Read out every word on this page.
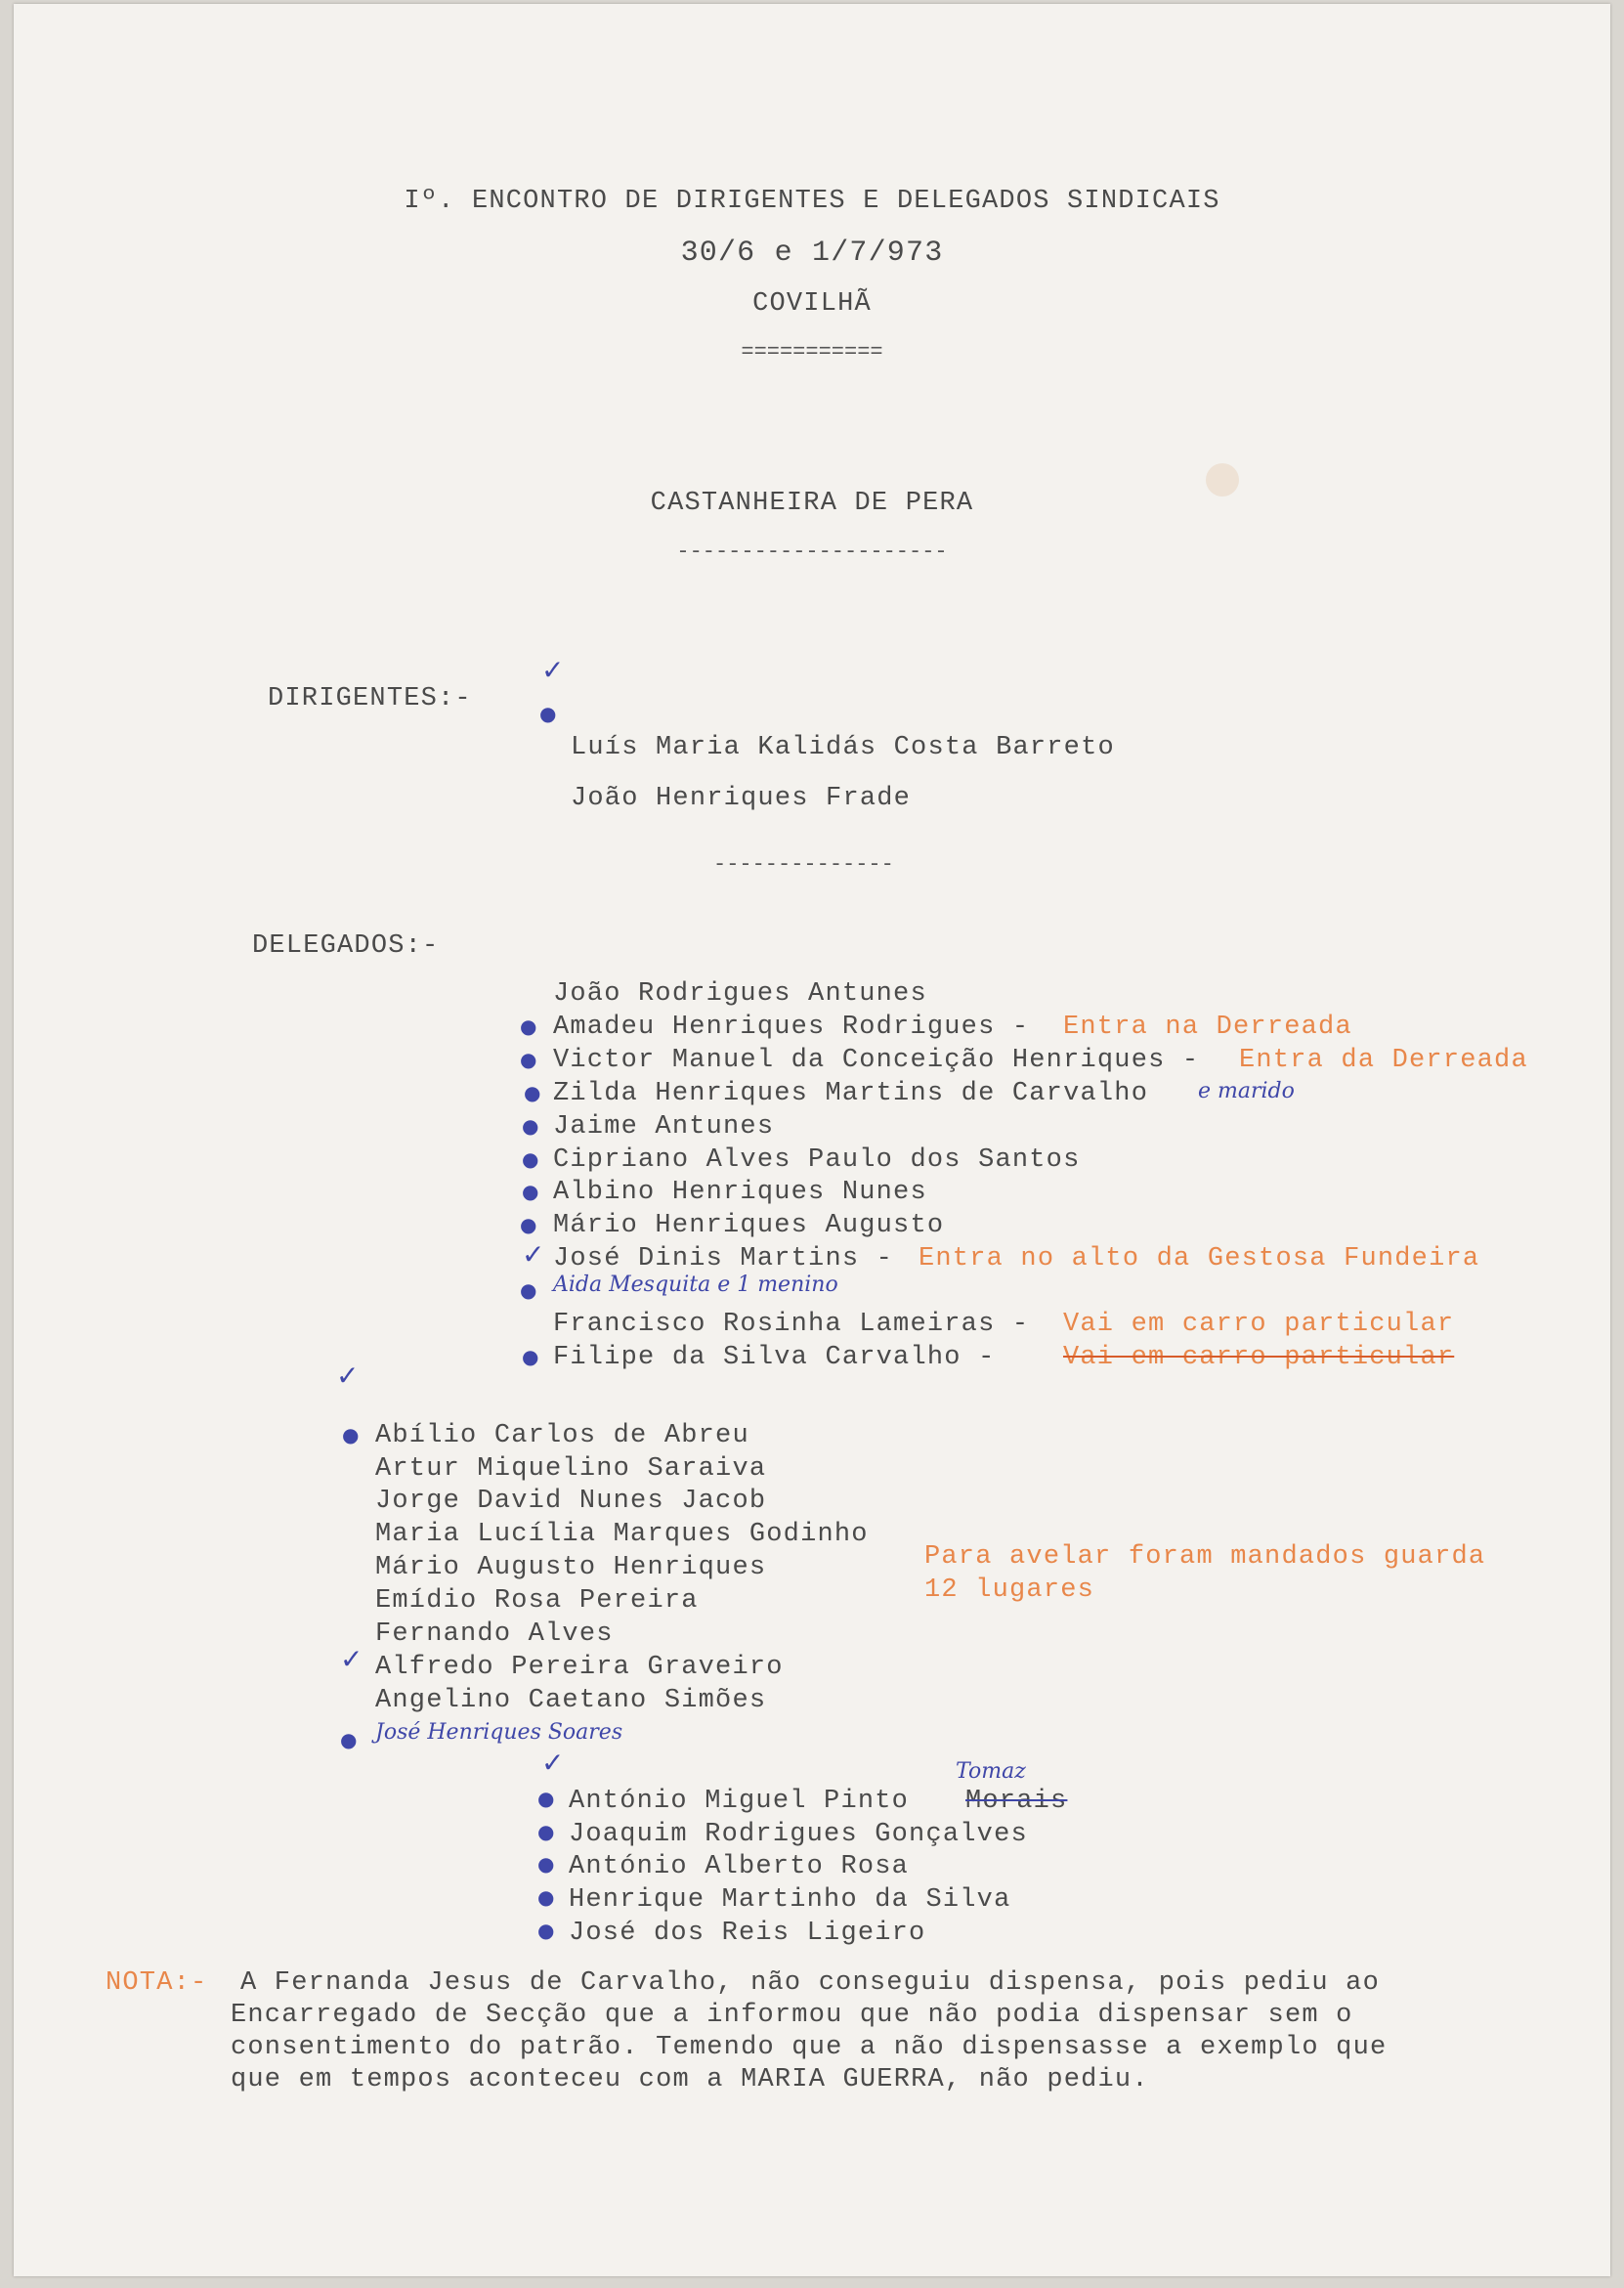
Iº. ENCONTRO DE DIRIGENTES E DELEGADOS SINDICAIS
30/6 e 1/7/973
COVILHÃ
===========
CASTANHEIRA DE PERA
---------------------
DIRIGENTES:-
✓
●
Luís Maria Kalidás Costa Barreto
João Henriques Frade
--------------
DELEGADOS:-
João Rodrigues Antunes
● Amadeu Henriques Rodrigues - Entra na Derreada
● Victor Manuel da Conceição Henriques - Entra da Derreada
● Zilda Henriques Martins de Carvalho e marido
● Jaime Antunes
● Cipriano Alves Paulo dos Santos
● Albino Henriques Nunes
● Mário Henriques Augusto
✓ José Dinis Martins - Entra no alto da Gestosa Fundeira
● Aida Mesquita e 1 menino
Francisco Rosinha Lameiras - Vai em carro particular
● Filipe da Silva Carvalho -	Vai em carro particular
✓
● Abílio Carlos de Abreu
Artur Miquelino Saraiva
Jorge David Nunes Jacob
Maria Lucília Marques Godinho
Mário Augusto Henriques
Emídio Rosa Pereira
Fernando Alves
✓ Alfredo Pereira Graveiro
Angelino Caetano Simões
● José Henriques Soares
Para avelar foram mandados guarda
12 lugares
✓
● António Miguel Pinto Morais
Tomaz
● Joaquim Rodrigues Gonçalves
● António Alberto Rosa
● Henrique Martinho da Silva
● José dos Reis Ligeiro
NOTA:- A Fernanda Jesus de Carvalho, não conseguiu dispensa, pois pediu ao
Encarregado de Secção que a informou que não podia dispensar sem o
consentimento do patrão. Temendo que a não dispensasse a exemplo que
que em tempos aconteceu com a MARIA GUERRA, não pediu.
